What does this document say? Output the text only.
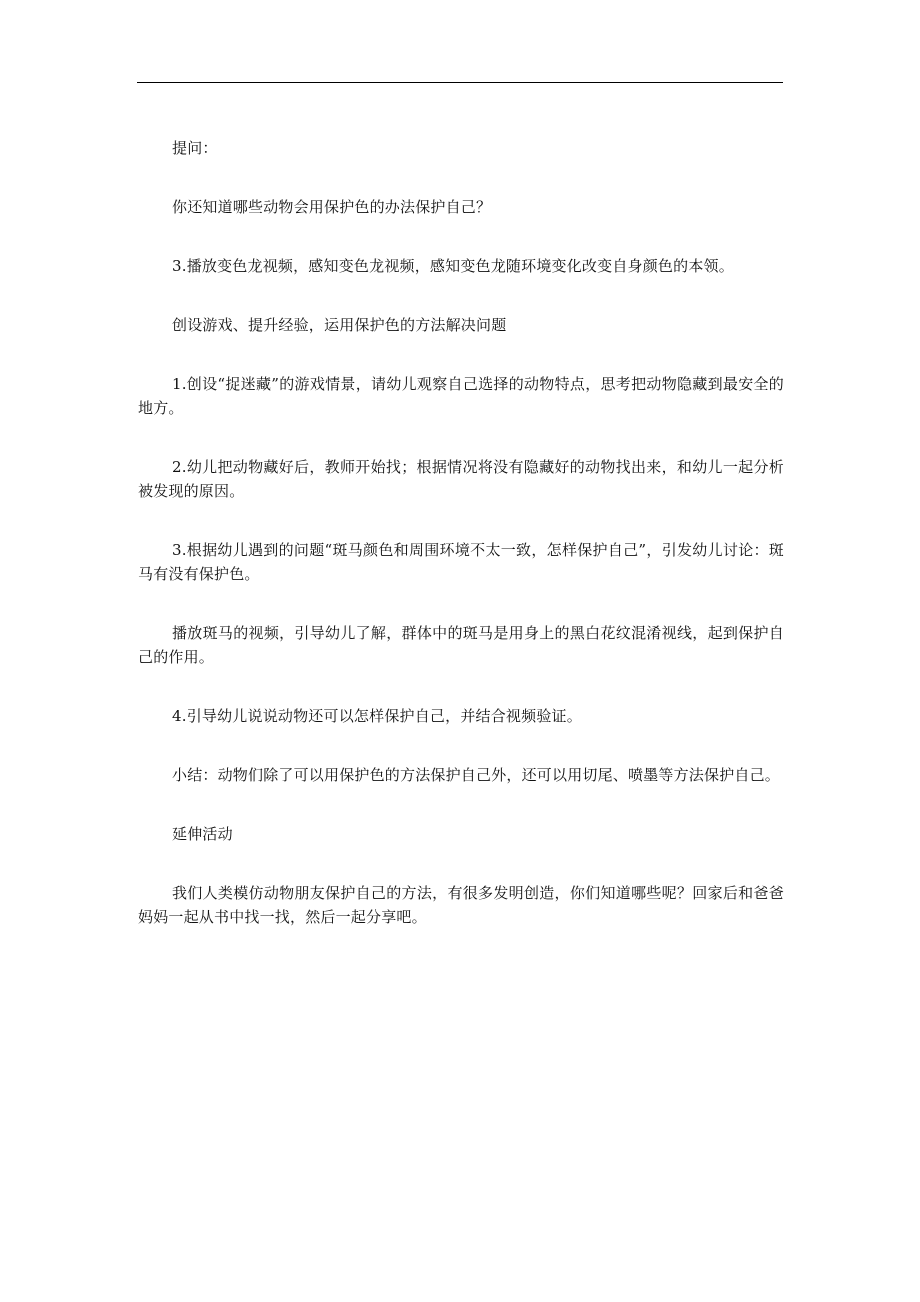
提问：

你还知道哪些动物会用保护色的办法保护自己？

3.播放变色龙视频，感知变色龙视频，感知变色龙随环境变化改变自身颜色的本领。

创设游戏、提升经验，运用保护色的方法解决问题

1.创设“捉迷藏”的游戏情景，请幼儿观察自己选择的动物特点，思考把动物隐藏到最安全的地方。

2.幼儿把动物藏好后，教师开始找；根据情况将没有隐藏好的动物找出来，和幼儿一起分析被发现的原因。

3.根据幼儿遇到的问题“斑马颜色和周围环境不太一致，怎样保护自己”，引发幼儿讨论：斑马有没有保护色。

播放斑马的视频，引导幼儿了解，群体中的斑马是用身上的黑白花纹混淆视线，起到保护自己的作用。

4.引导幼儿说说动物还可以怎样保护自己，并结合视频验证。

小结：动物们除了可以用保护色的方法保护自己外，还可以用切尾、喷墨等方法保护自己。

延伸活动

我们人类模仿动物朋友保护自己的方法，有很多发明创造，你们知道哪些呢？回家后和爸爸妈妈一起从书中找一找，然后一起分享吧。
